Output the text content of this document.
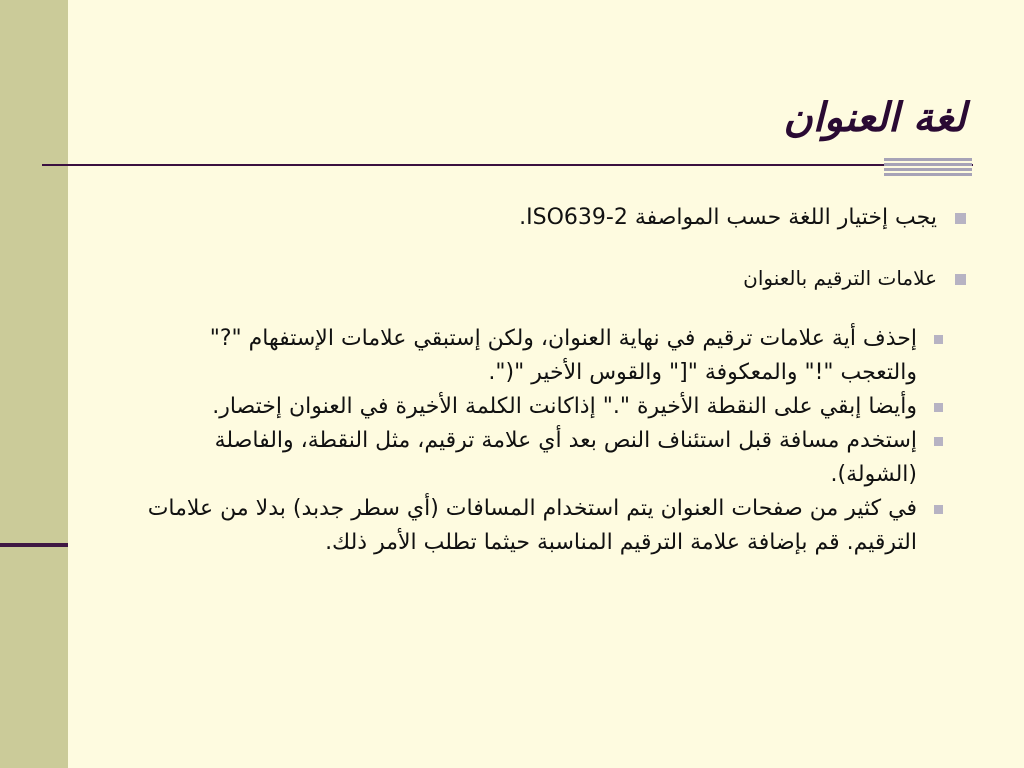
لغة العنوان
يجب إختيار اللغة حسب المواصفة ISO639-2.
علامات الترقيم بالعنوان
إحذف أية علامات ترقيم في نهاية العنوان، ولكن إستبقي علامات الإستفهام "?" والتعجب "!" والمعكوفة "[" والقوس الأخير "(".
وأيضا إبقي على النقطة الأخيرة "." إذاكانت الكلمة الأخيرة في العنوان إختصار.
إستخدم مسافة قبل استئناف النص بعد أي علامة ترقيم، مثل النقطة، والفاصلة (الشولة).
في كثير من صفحات العنوان يتم استخدام المسافات (أي سطر جدبد) بدلا من علامات الترقيم. قم بإضافة علامة الترقيم المناسبة حيثما تطلب الأمر ذلك.
